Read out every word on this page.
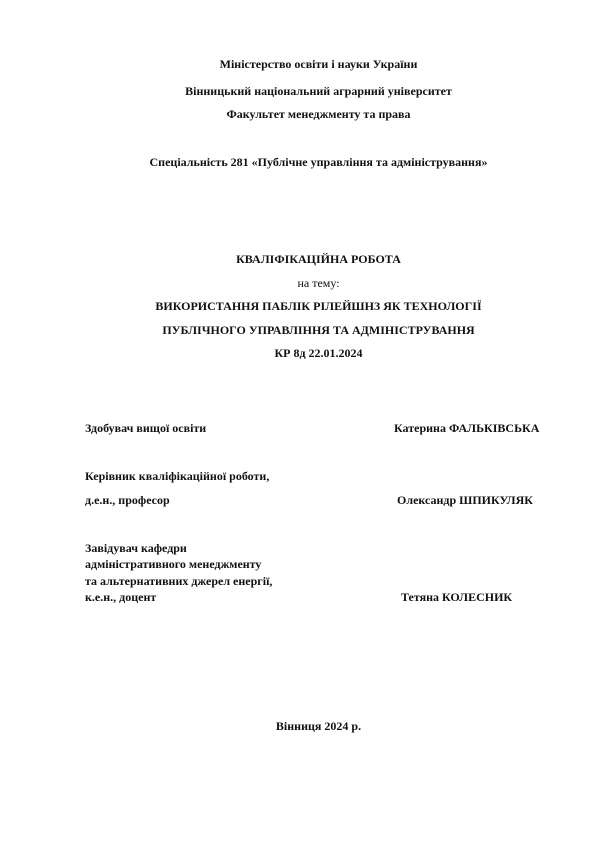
Міністерство освіти і науки України
Вінницький національний аграрний університет
Факультет менеджменту та права
Спеціальність 281 «Публічне управління та адміністрування»
КВАЛІФІКАЦІЙНА РОБОТА
на тему:
ВИКОРИСТАННЯ ПАБЛІК РІЛЕЙШНЗ ЯК ТЕХНОЛОГІЇ
ПУБЛІЧНОГО УПРАВЛІННЯ ТА АДМІНІСТРУВАННЯ
КР 8д 22.01.2024
Здобувач вищої освіти	Катерина ФАЛЬКІВСЬКА
Керівник кваліфікаційної роботи,
д.е.н., професор	Олександр ШПИКУЛЯК
Завідувач кафедри
адміністративного менеджменту
та альтернативних джерел енергії,
к.е.н., доцент	Тетяна КОЛЕСНИК
Вінниця 2024 р.
